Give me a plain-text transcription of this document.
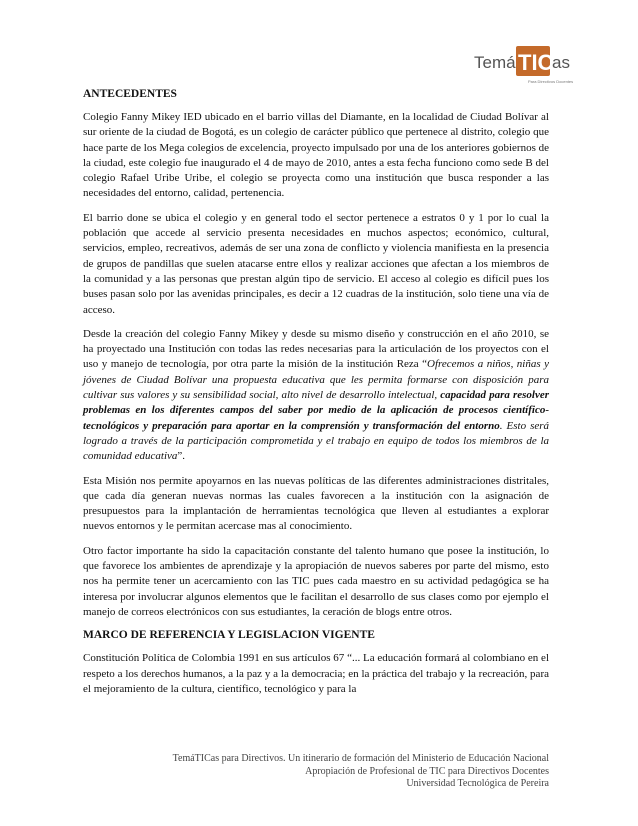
Temá TIC
as
Para Directivos Docentes
ANTECEDENTES

Colegio Fanny Mikey IED ubicado en el barrio villas del Diamante, en la localidad de Ciudad Bolívar al sur oriente de la ciudad de Bogotá, es un colegio de carácter público que pertenece al distrito, colegio que hace parte de los Mega colegios de excelencia, proyecto impulsado por una de los anteriores gobiernos de la ciudad, este colegio fue inaugurado el 4 de mayo de 2010, antes a esta fecha funciono como sede B del colegio Rafael Uribe Uribe, el colegio se proyecta como una institución que busca responder a las necesidades del entorno, calidad, pertenencia.

El barrio done se ubica el colegio y en general todo el sector pertenece a estratos 0 y 1 por lo cual la población que accede al servicio presenta necesidades en muchos aspectos; económico, cultural, servicios, empleo, recreativos, además de ser una zona de conflicto y violencia manifiesta en la presencia de grupos de pandillas que suelen atacarse entre ellos y realizar acciones que afectan a los miembros de la comunidad y a las personas que prestan algún tipo de servicio. El acceso al colegio es difícil pues los buses pasan solo por las avenidas principales, es decir a 12 cuadras de la institución, solo tiene una vía de acceso.

Desde la creación del colegio Fanny Mikey y desde su mismo diseño y construcción en el año 2010, se ha proyectado una Institución con todas las redes necesarias para la articulación de los proyectos con el uso y manejo de tecnología, por otra parte la misión de la institución Reza “Ofrecemos a niños, niñas y jóvenes de Ciudad Bolívar una propuesta educativa que les permita formarse con disposición para cultivar sus valores y su sensibilidad social, alto nivel de desarrollo intelectual, capacidad para resolver problemas en los diferentes campos del saber por medio de la aplicación de procesos científico-tecnológicos y preparación para aportar en la comprensión y transformación del entorno. Esto será logrado a través de la participación comprometida y el trabajo en equipo de todos los miembros de la comunidad educativa”.

Esta Misión nos permite apoyarnos en las nuevas políticas de las diferentes administraciones distritales, que cada día generan nuevas normas las cuales favorecen a la institución con la asignación de presupuestos para la implantación de herramientas tecnológica que lleven al estudiantes a explorar nuevos entornos y le permitan acercase mas al conocimiento.

Otro factor importante ha sido la capacitación constante del talento humano que posee la institución, lo que favorece los ambientes de aprendizaje y la apropiación de nuevos saberes por parte del mismo, esto nos ha permite tener un acercamiento con las TIC pues cada maestro en su actividad pedagógica se ha interesa por involucrar algunos elementos que le facilitan el desarrollo de sus clases como por ejemplo el manejo de correos electrónicos con sus estudiantes, la ceración de blogs entre otros.

MARCO DE REFERENCIA Y LEGISLACION VIGENTE

Constitución Política de Colombia 1991 en sus artículos 67 “... La educación formará al colombiano en el respeto a los derechos humanos, a la paz y a la democracia; en la práctica del trabajo y la recreación, para el mejoramiento de la cultura, científico, tecnológico y para la

TemáTICas para Directivos. Un itinerario de formación del Ministerio de Educación Nacional
Apropiación de Profesional de TIC para Directivos Docentes
Universidad Tecnológica de Pereira
